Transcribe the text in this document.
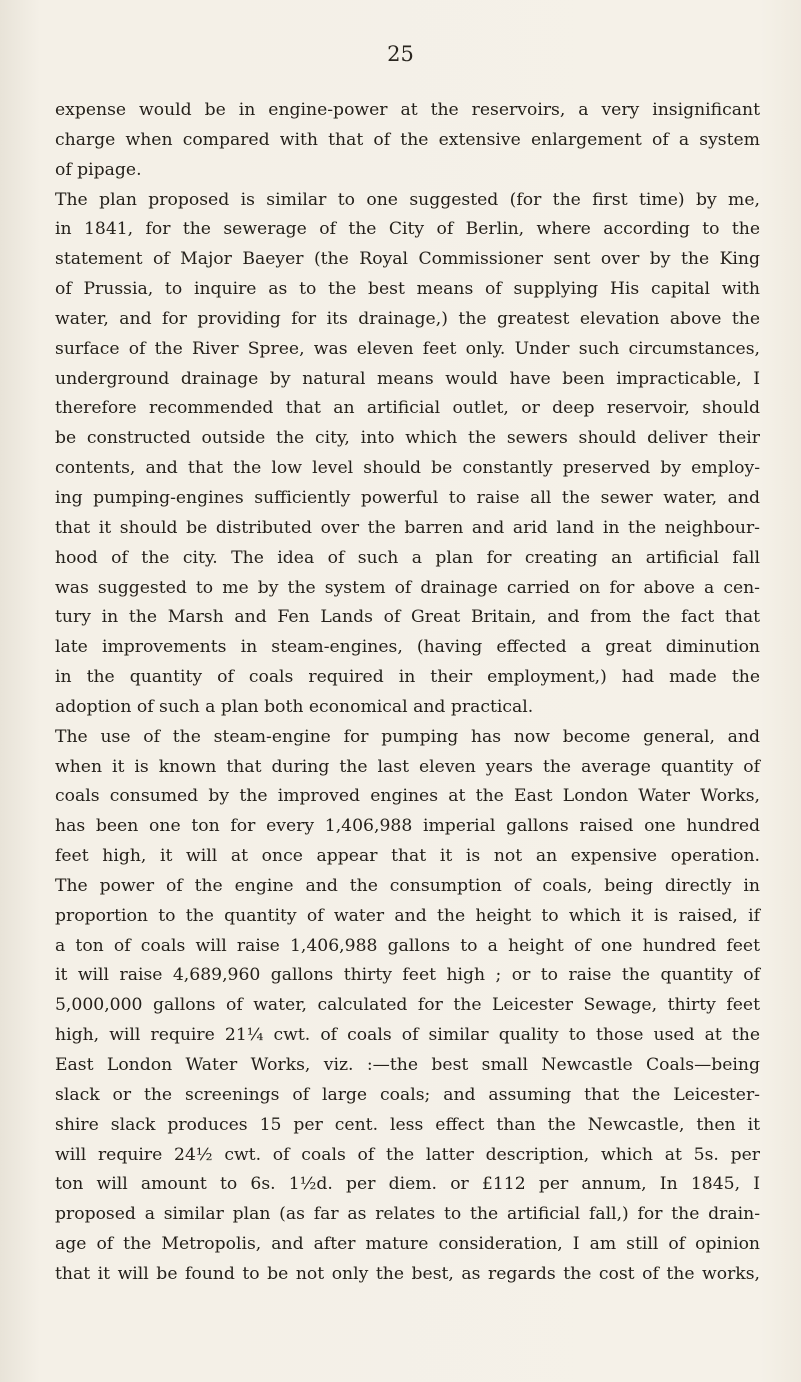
25
expense would be in engine-power at the reservoirs, a very insignificant
charge when compared with that of the extensive enlargement of a system
of pipage.
The plan proposed is similar to one suggested (for the first time) by me,
in 1841, for the sewerage of the City of Berlin, where according to the
statement of Major Baeyer (the Royal Commissioner sent over by the King
of Prussia, to inquire as to the best means of supplying His capital with
water, and for providing for its drainage,) the greatest elevation above the
surface of the River Spree, was eleven feet only. Under such circumstances,
underground drainage by natural means would have been impracticable, I
therefore recommended that an artificial outlet, or deep reservoir, should
be constructed outside the city, into which the sewers should deliver their
contents, and that the low level should be constantly preserved by employ-
ing pumping-engines sufficiently powerful to raise all the sewer water, and
that it should be distributed over the barren and arid land in the neighbour-
hood of the city. The idea of such a plan for creating an artificial fall
was suggested to me by the system of drainage carried on for above a cen-
tury in the Marsh and Fen Lands of Great Britain, and from the fact that
late improvements in steam-engines, (having effected a great diminution
in the quantity of coals required in their employment,) had made the
adoption of such a plan both economical and practical.
The use of the steam-engine for pumping has now become general, and
when it is known that during the last eleven years the average quantity of
coals consumed by the improved engines at the East London Water Works,
has been one ton for every 1,406,988 imperial gallons raised one hundred
feet high, it will at once appear that it is not an expensive operation.
The power of the engine and the consumption of coals, being directly in
proportion to the quantity of water and the height to which it is raised, if
a ton of coals will raise 1,406,988 gallons to a height of one hundred feet
it will raise 4,689,960 gallons thirty feet high ; or to raise the quantity of
5,000,000 gallons of water, calculated for the Leicester Sewage, thirty feet
high, will require 21¼ cwt. of coals of similar quality to those used at the
East London Water Works, viz. :—the best small Newcastle Coals—being
slack or the screenings of large coals; and assuming that the Leicester-
shire slack produces 15 per cent. less effect than the Newcastle, then it
will require 24½ cwt. of coals of the latter description, which at 5s. per
ton will amount to 6s. 1½d. per diem. or £112 per annum, In 1845, I
proposed a similar plan (as far as relates to the artificial fall,) for the drain-
age of the Metropolis, and after mature consideration, I am still of opinion
that it will be found to be not only the best, as regards the cost of the works,
